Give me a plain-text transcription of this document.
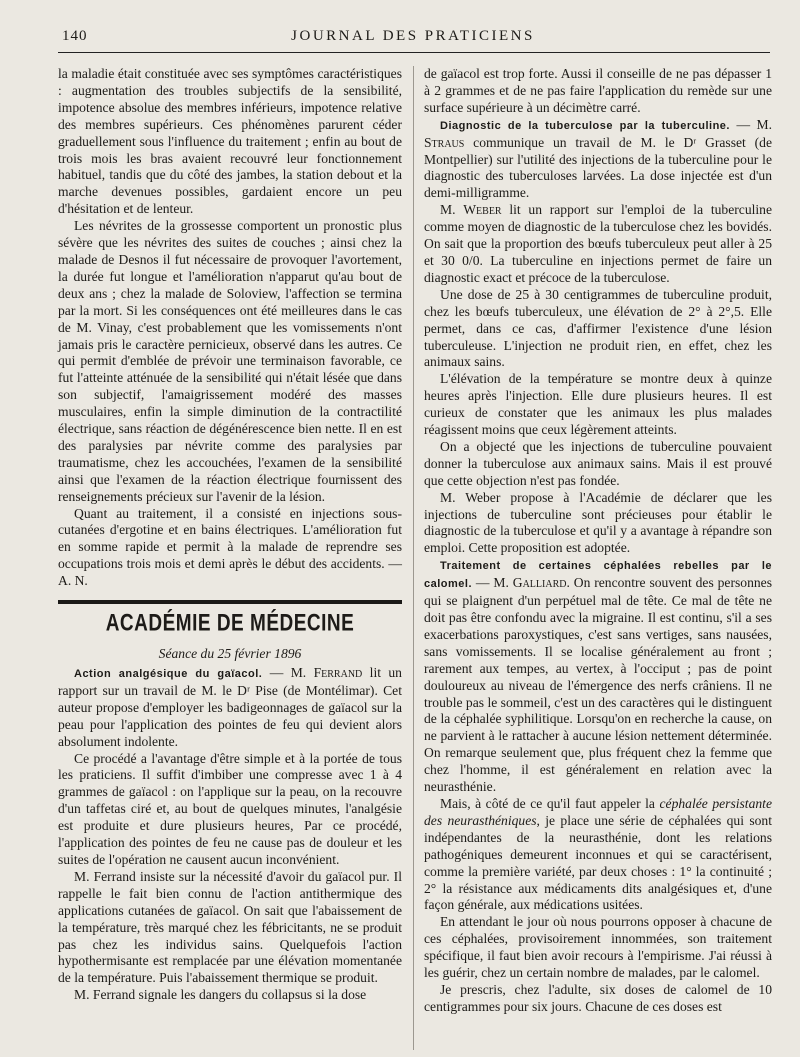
140	JOURNAL DES PRATICIENS

la maladie était constituée avec ses symptômes caractéristiques : augmentation des troubles subjectifs de la sensibilité, impotence absolue des membres inférieurs, impotence relative des membres supérieurs. Ces phénomènes parurent céder graduellement sous l'influence du traitement ; enfin au bout de trois mois les bras avaient recouvré leur fonctionnement habituel, tandis que du côté des jambes, la station debout et la marche devenues possibles, gardaient encore un peu d'hésitation et de lenteur.

Les névrites de la grossesse comportent un pronostic plus sévère que les névrites des suites de couches ; ainsi chez la malade de Desnos il fut nécessaire de provoquer l'avortement, la durée fut longue et l'amélioration n'apparut qu'au bout de deux ans ; chez la malade de Soloview, l'affection se termina par la mort. Si les conséquences ont été meilleures dans le cas de M. Vinay, c'est probablement que les vomissements n'ont jamais pris le caractère pernicieux, observé dans les autres. Ce qui permit d'emblée de prévoir une terminaison favorable, ce fut l'atteinte atténuée de la sensibilité qui n'était lésée que dans son subjectif, l'amaigrissement modéré des masses musculaires, enfin la simple diminution de la contractilité électrique, sans réaction de dégénérescence bien nette. Il en est des paralysies par névrite comme des paralysies par traumatisme, chez les accouchées, l'examen de la sensibilité ainsi que l'examen de la réaction électrique fournissent des renseignements précieux sur l'avenir de la lésion.

Quant au traitement, il a consisté en injections sous-cutanées d'ergotine et en bains électriques. L'amélioration fut en somme rapide et permit à la malade de reprendre ses occupations trois mois et demi après le début des accidents. — A. N.

ACADÉMIE DE MÉDECINE
Séance du 25 février 1896

Action analgésique du gaïacol. — M. Ferrand lit un rapport sur un travail de M. le Dʳ Pise (de Montélimar). Cet auteur propose d'employer les badigeonnages de gaïacol sur la peau pour l'application des pointes de feu qui devient alors absolument indolente.

Ce procédé a l'avantage d'être simple et à la portée de tous les praticiens. Il suffit d'imbiber une compresse avec 1 à 4 grammes de gaïacol : on l'applique sur la peau, on la recouvre d'un taffetas ciré et, au bout de quelques minutes, l'analgésie est produite et dure plusieurs heures, Par ce procédé, l'application des pointes de feu ne cause pas de douleur et les suites de l'opération ne causent aucun inconvénient.

M. Ferrand insiste sur la nécessité d'avoir du gaïacol pur. Il rappelle le fait bien connu de l'action antithermique des applications cutanées de gaïacol. On sait que l'abaissement de la température, très marqué chez les fébricitants, ne se produit pas chez les individus sains. Quelquefois l'action hypothermisante est remplacée par une élévation momentanée de la température. Puis l'abaissement thermique se produit.

M. Ferrand signale les dangers du collapsus si la dose

de gaïacol est trop forte. Aussi il conseille de ne pas dépasser 1 à 2 grammes et de ne pas faire l'application du remède sur une surface supérieure à un décimètre carré.

Diagnostic de la tuberculose par la tuberculine. — M. Straus communique un travail de M. le Dʳ Grasset (de Montpellier) sur l'utilité des injections de la tuberculine pour le diagnostic des tuberculoses larvées. La dose injectée est d'un demi-milligramme.

M. Weber lit un rapport sur l'emploi de la tuberculine comme moyen de diagnostic de la tuberculose chez les bovidés. On sait que la proportion des bœufs tuberculeux peut aller à 25 et 30 0/0. La tuberculine en injections permet de faire un diagnostic exact et précoce de la tuberculose.

Une dose de 25 à 30 centigrammes de tuberculine produit, chez les bœufs tuberculeux, une élévation de 2° à 2°,5. Elle permet, dans ce cas, d'affirmer l'existence d'une lésion tuberculeuse. L'injection ne produit rien, en effet, chez les animaux sains.

L'élévation de la température se montre deux à quinze heures après l'injection. Elle dure plusieurs heures. Il est curieux de constater que les animaux les plus malades réagissent moins que ceux légèrement atteints.

On a objecté que les injections de tuberculine pouvaient donner la tuberculose aux animaux sains. Mais il est prouvé que cette objection n'est pas fondée.

M. Weber propose à l'Académie de déclarer que les injections de tuberculine sont précieuses pour établir le diagnostic de la tuberculose et qu'il y a avantage à répandre son emploi. Cette proposition est adoptée.

Traitement de certaines céphalées rebelles par le calomel. — M. Galliard. On rencontre souvent des personnes qui se plaignent d'un perpétuel mal de tête. Ce mal de tête ne doit pas être confondu avec la migraine. Il est continu, s'il a ses exacerbations paroxystiques, c'est sans vertiges, sans nausées, sans vomissements. Il se localise généralement au front ; rarement aux tempes, au vertex, à l'occiput ; pas de point douloureux au niveau de l'émergence des nerfs crâniens. Il ne trouble pas le sommeil, c'est un des caractères qui le distinguent de la céphalée syphilitique. Lorsqu'on en recherche la cause, on ne parvient à le rattacher à aucune lésion nettement déterminée. On remarque seulement que, plus fréquent chez la femme que chez l'homme, il est généralement en relation avec la neurasthénie.

Mais, à côté de ce qu'il faut appeler la céphalée persistante des neurasthéniques, je place une série de céphalées qui sont indépendantes de la neurasthénie, dont les relations pathogéniques demeurent inconnues et qui se caractérisent, comme la première variété, par deux choses : 1° la continuité ; 2° la résistance aux médicaments dits analgésiques et, d'une façon générale, aux médications usitées.

En attendant le jour où nous pourrons opposer à chacune de ces céphalées, provisoirement innommées, son traitement spécifique, il faut bien avoir recours à l'empirisme. J'ai réussi à les guérir, chez un certain nombre de malades, par le calomel.

Je prescris, chez l'adulte, six doses de calomel de 10 centigrammes pour six jours. Chacune de ces doses est
